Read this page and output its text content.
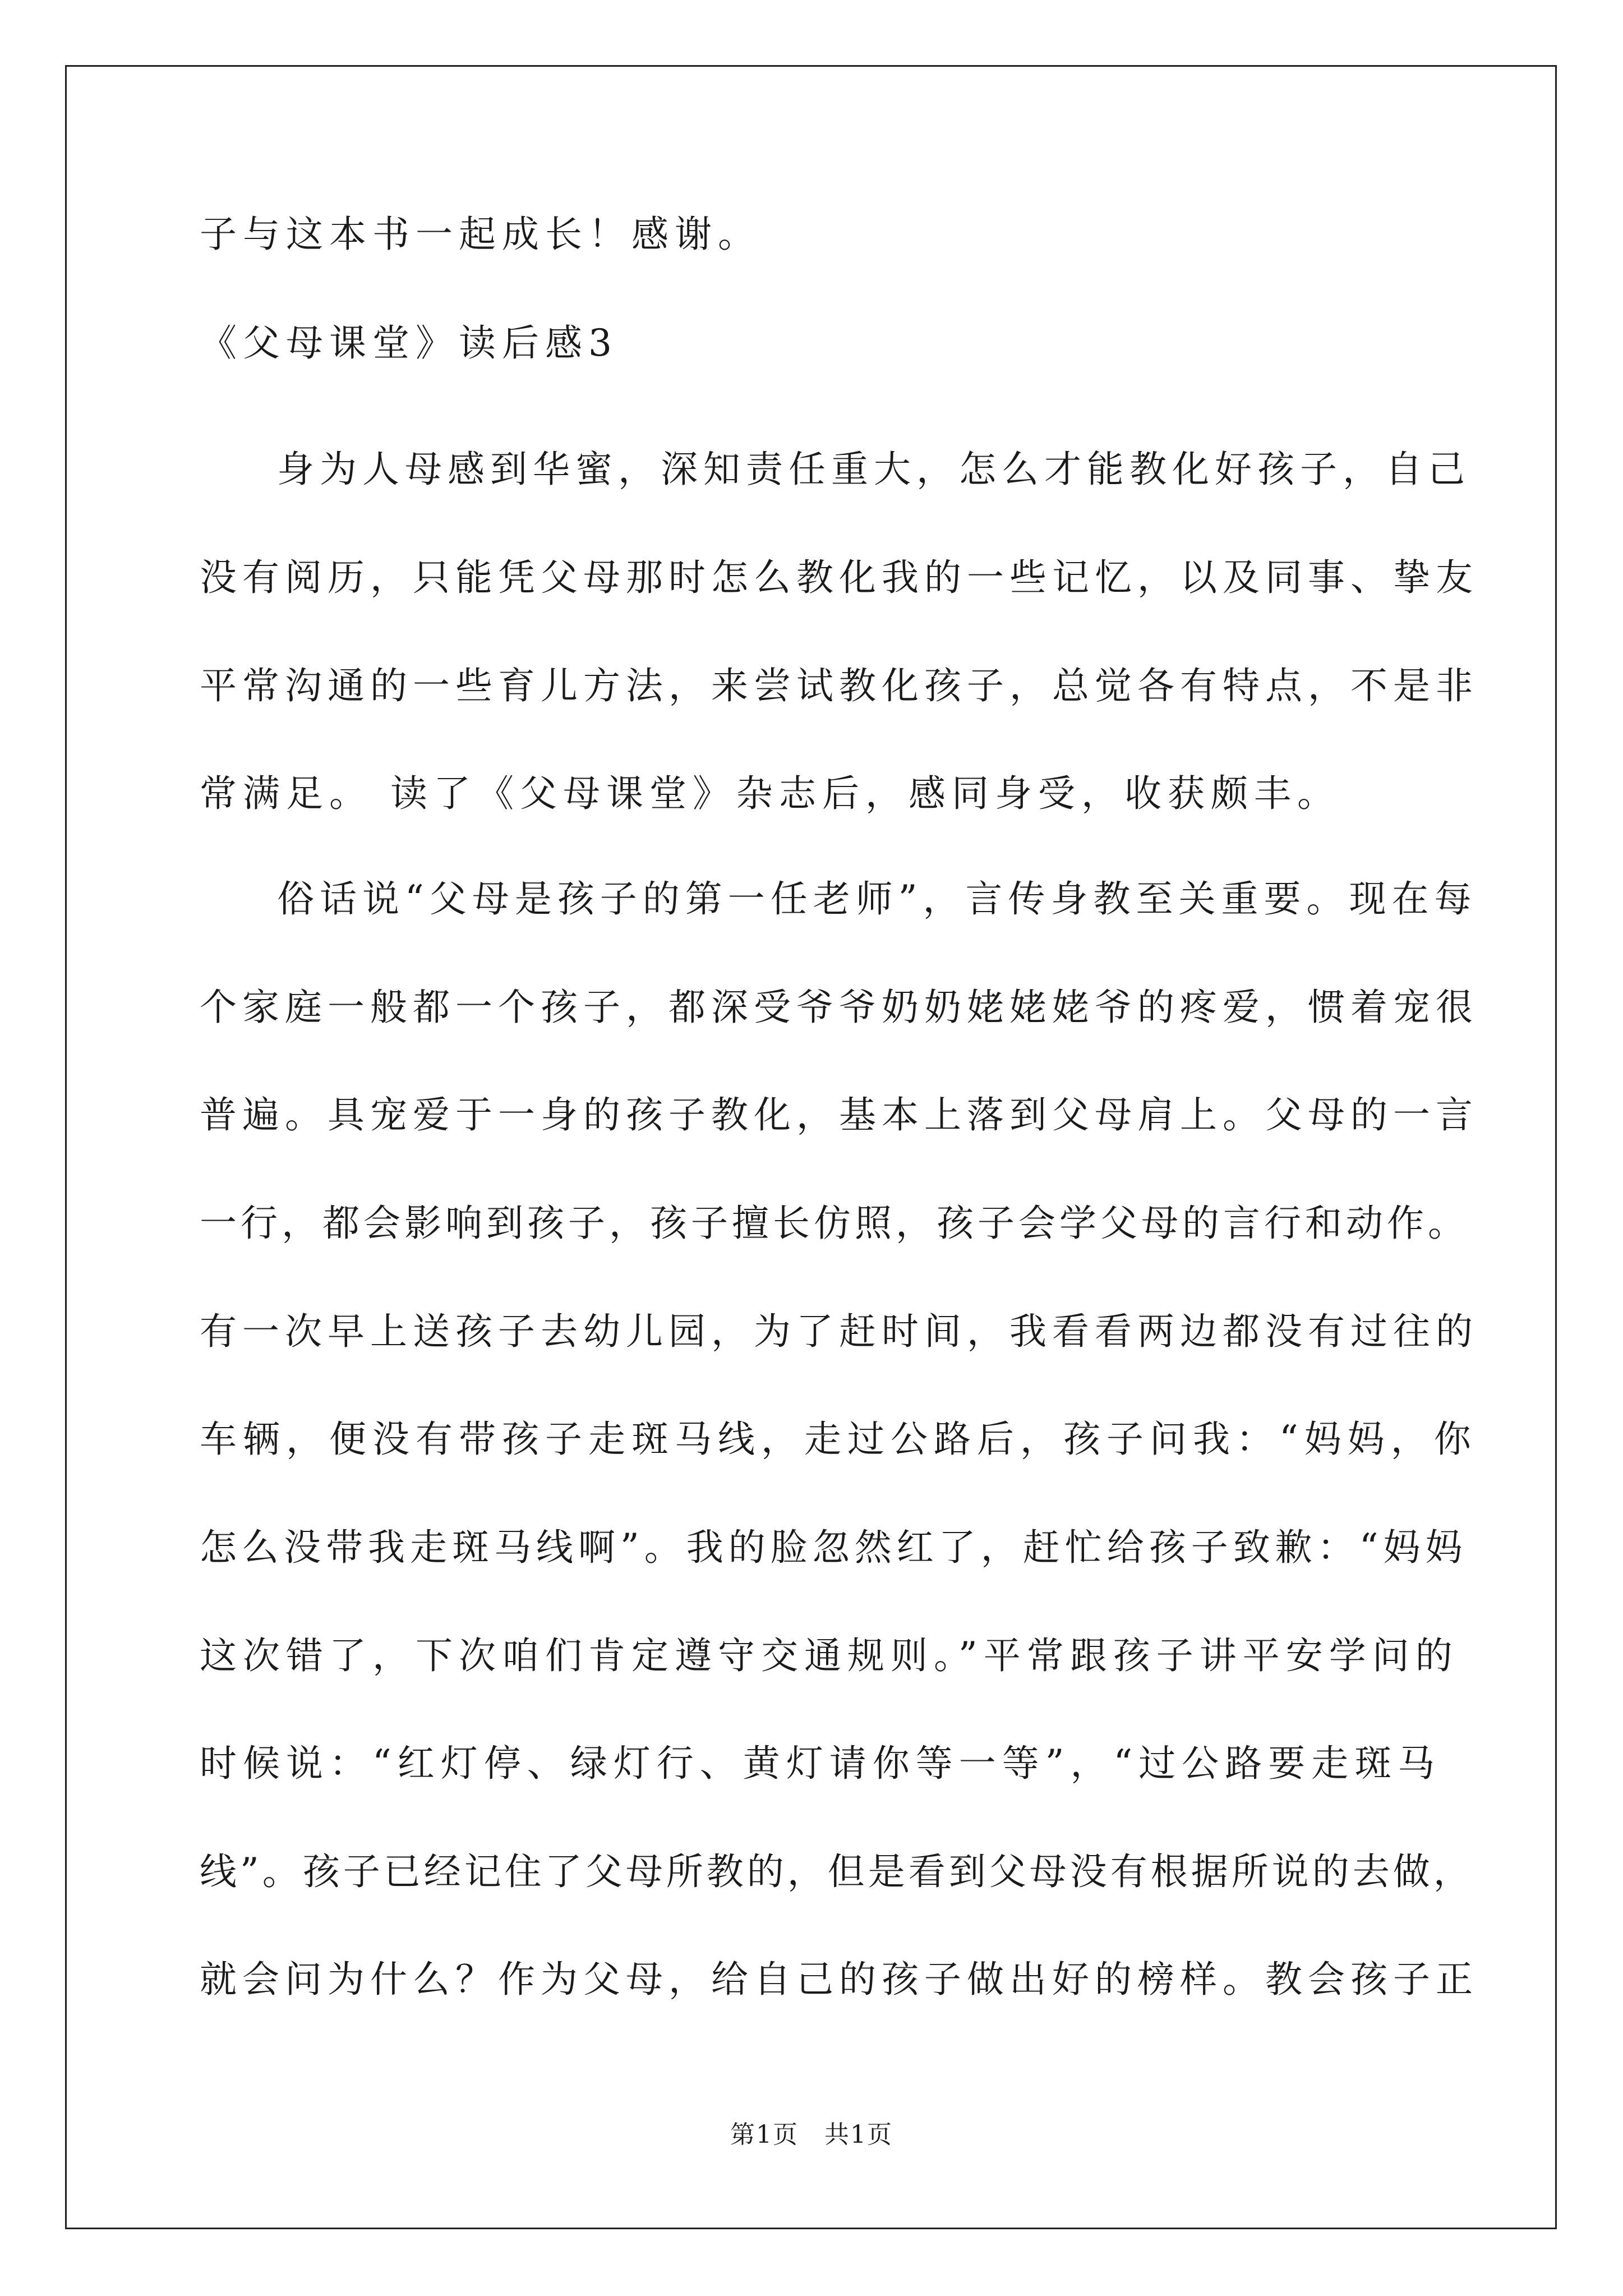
子与这本书一起成长！感谢。
《父母课堂》读后感3
身为人母感到华蜜，深知责任重大，怎么才能教化好孩子，自己
没有阅历，只能凭父母那时怎么教化我的一些记忆，以及同事、挚友
平常沟通的一些育儿方法，来尝试教化孩子，总觉各有特点，不是非
常满足。 读了《父母课堂》杂志后，感同身受，收获颇丰。
俗话说“父母是孩子的第一任老师”，言传身教至关重要。现在每
个家庭一般都一个孩子，都深受爷爷奶奶姥姥姥爷的疼爱，惯着宠很
普遍。具宠爱于一身的孩子教化，基本上落到父母肩上。父母的一言
一行，都会影响到孩子，孩子擅长仿照，孩子会学父母的言行和动作。
有一次早上送孩子去幼儿园，为了赶时间，我看看两边都没有过往的
车辆，便没有带孩子走斑马线，走过公路后，孩子问我：“妈妈，你
怎么没带我走斑马线啊”。我的脸忽然红了，赶忙给孩子致歉：“妈妈
这次错了，下次咱们肯定遵守交通规则。”平常跟孩子讲平安学问的
时候说：“红灯停、绿灯行、黄灯请你等一等”，“过公路要走斑马
线”。孩子已经记住了父母所教的，但是看到父母没有根据所说的去做，
就会问为什么？作为父母，给自己的孩子做出好的榜样。教会孩子正
第1页　共1页
